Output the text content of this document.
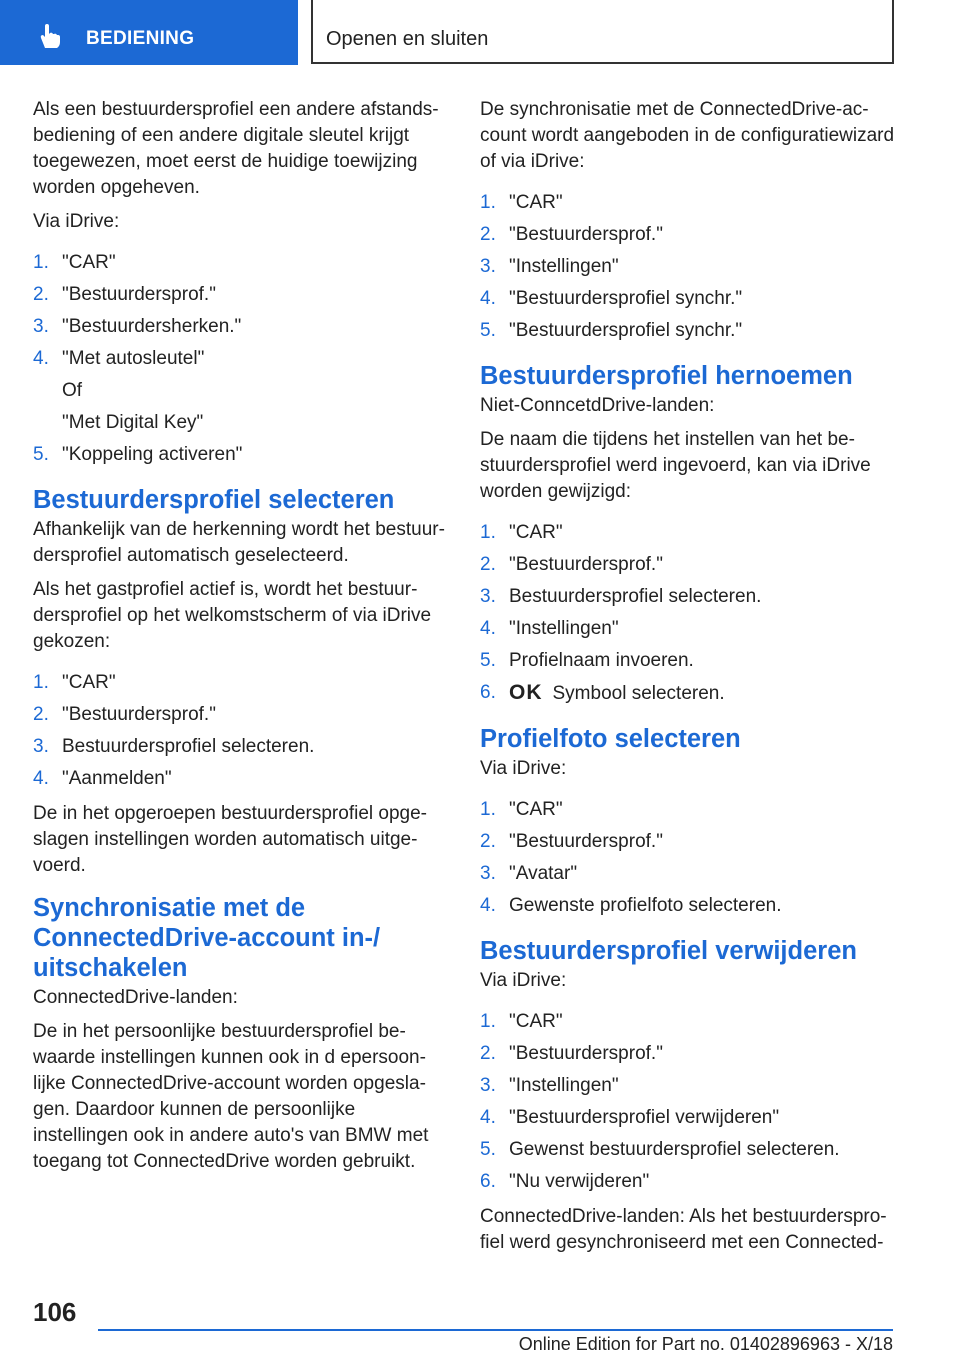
BEDIENING	Openen en sluiten

Als een bestuurdersprofiel een andere afstandsbediening of een andere digitale sleutel krijgt toegewezen, moet eerst de huidige toewijzing worden opgeheven.

Via iDrive:

1. "CAR"
2. "Bestuurdersprof."
3. "Bestuurdersherken."
4. "Met autosleutel"
Of
"Met Digital Key"
5. "Koppeling activeren"
Bestuurdersprofiel selecteren

Afhankelijk van de herkenning wordt het bestuurdersprofiel automatisch geselecteerd.

Als het gastprofiel actief is, wordt het bestuurdersprofiel op het welkomstscherm of via iDrive gekozen:

1. "CAR"
2. "Bestuurdersprof."
3. Bestuurdersprofiel selecteren.
4. "Aanmelden"

De in het opgeroepen bestuurdersprofiel opgeslagen instellingen worden automatisch uitgevoerd.

Synchronisatie met de ConnectedDrive-account in-/ uitschakelen

ConnectedDrive-landen:

De in het persoonlijke bestuurdersprofiel bewaarde instellingen kunnen ook in d epersoonlijke ConnectedDrive-account worden opgeslagen. Daardoor kunnen de persoonlijke instellingen ook in andere auto's van BMW met toegang tot ConnectedDrive worden gebruikt.

De synchronisatie met de ConnectedDrive-account wordt aangeboden in de configuratiewizard of via iDrive:

1. "CAR"
2. "Bestuurdersprof."
3. "Instellingen"
4. "Bestuurdersprofiel synchr."
5. "Bestuurdersprofiel synchr."
Bestuurdersprofiel hernoemen

Niet-ConncetdDrive-landen:

De naam die tijdens het instellen van het bestuurdersprofiel werd ingevoerd, kan via iDrive worden gewijzigd:

1. "CAR"
2. "Bestuurdersprof."
3. Bestuurdersprofiel selecteren.
4. "Instellingen"
5. Profielnaam invoeren.
6. OK Symbool selecteren.
Profielfoto selecteren

Via iDrive:

1. "CAR"
2. "Bestuurdersprof."
3. "Avatar"
4. Gewenste profielfoto selecteren.
Bestuurdersprofiel verwijderen

Via iDrive:

1. "CAR"
2. "Bestuurdersprof."
3. "Instellingen"
4. "Bestuurdersprofiel verwijderen"
5. Gewenst bestuurdersprofiel selecteren.
6. "Nu verwijderen"

ConnectedDrive-landen: Als het bestuurdersprofiel werd gesynchroniseerd met een Connected-

106
Online Edition for Part no. 01402896963 - X/18
